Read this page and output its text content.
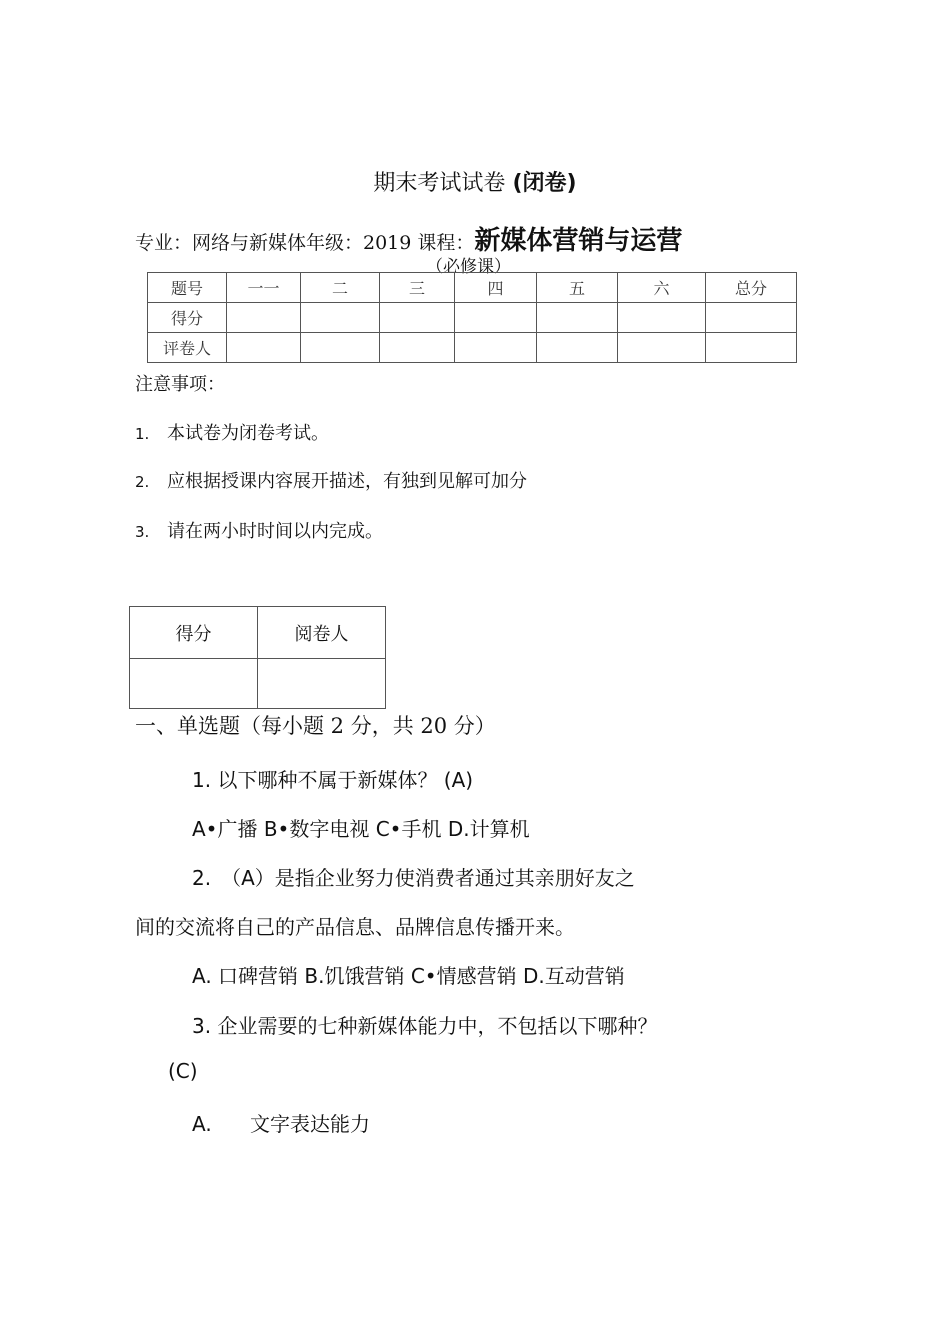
期末考试试卷 (闭卷)
专业：网络与新媒体年级：2019 课程：新媒体营销与运营
（必修课）
题号	一一	二	三	四	五	六	总分
得分							
评卷人							
注意事项：
1. 本试卷为闭卷考试。
2. 应根据授课内容展开描述，有独到见解可加分
3. 请在两小时时间以内完成。
得分	阅卷人

一、单选题（每小题 2 分，共 20 分）
1. 以下哪种不属于新媒体？ (A)
A•广播 B•数字电视 C•手机 D.计算机
2.　（A）是指企业努力使消费者通过其亲朋好友之
间的交流将自己的产品信息、品牌信息传播开来。
A. 口碑营销 B.饥饿营销 C•情感营销 D.互动营销
3. 企业需要的七种新媒体能力中，不包括以下哪种？
(C)
A. 文字表达能力
